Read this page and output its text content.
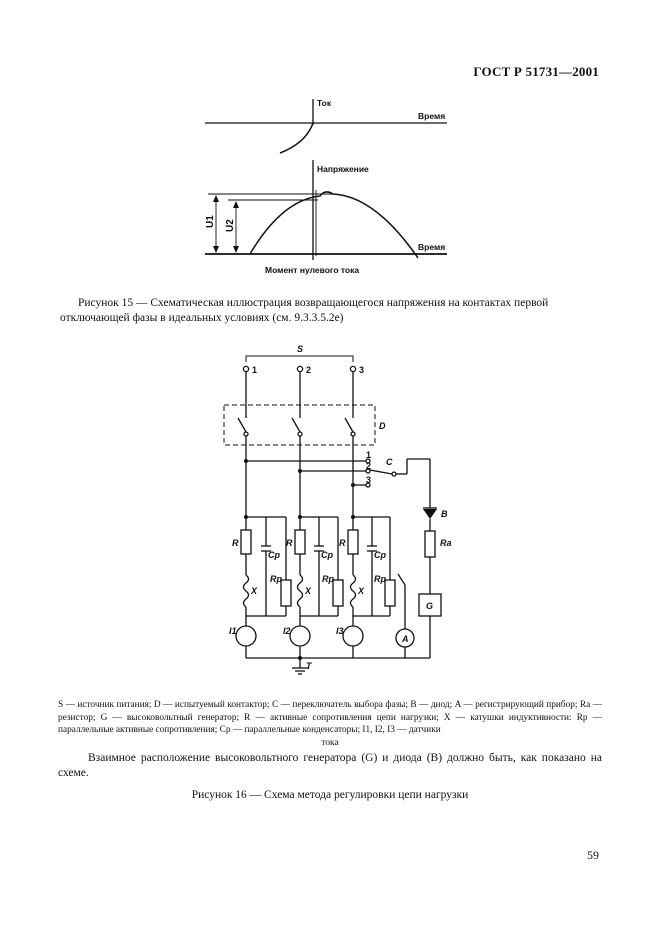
ГОСТ Р 51731—2001
Ток
Время
Напряжение
Время
Момент нулевого тока
U1 U2
Рисунок 15 — Схематическая иллюстрация возвращающегося напряжения на контактах первой отключающей фазы в идеальных условиях (см. 9.3.3.5.2е)
S
1	2	3
D
1
2
3
C
B
Ra
G
R	R	R
Cp	Cp	Cp
Rp	Rp	Rp
X	X	X
I1	I2	I3
A
T
S — источник питания; D — испытуемый контактор; C — переключатель выбора фазы; B — диод; A — регистрирующий прибор; Ra — резистор; G — высоковольтный генератор; R — активные сопротивления цепи нагрузки; X — катушки индуктивности: Rp — параллельные активные сопротивления; Cp — параллельные конденсаторы; I1, I2, I3 — датчики
тока
Взаимное расположение высоковольтного генератора (G) и диода (B) должно быть, как показано на схеме.
Рисунок 16 — Схема метода регулировки цепи нагрузки
59
